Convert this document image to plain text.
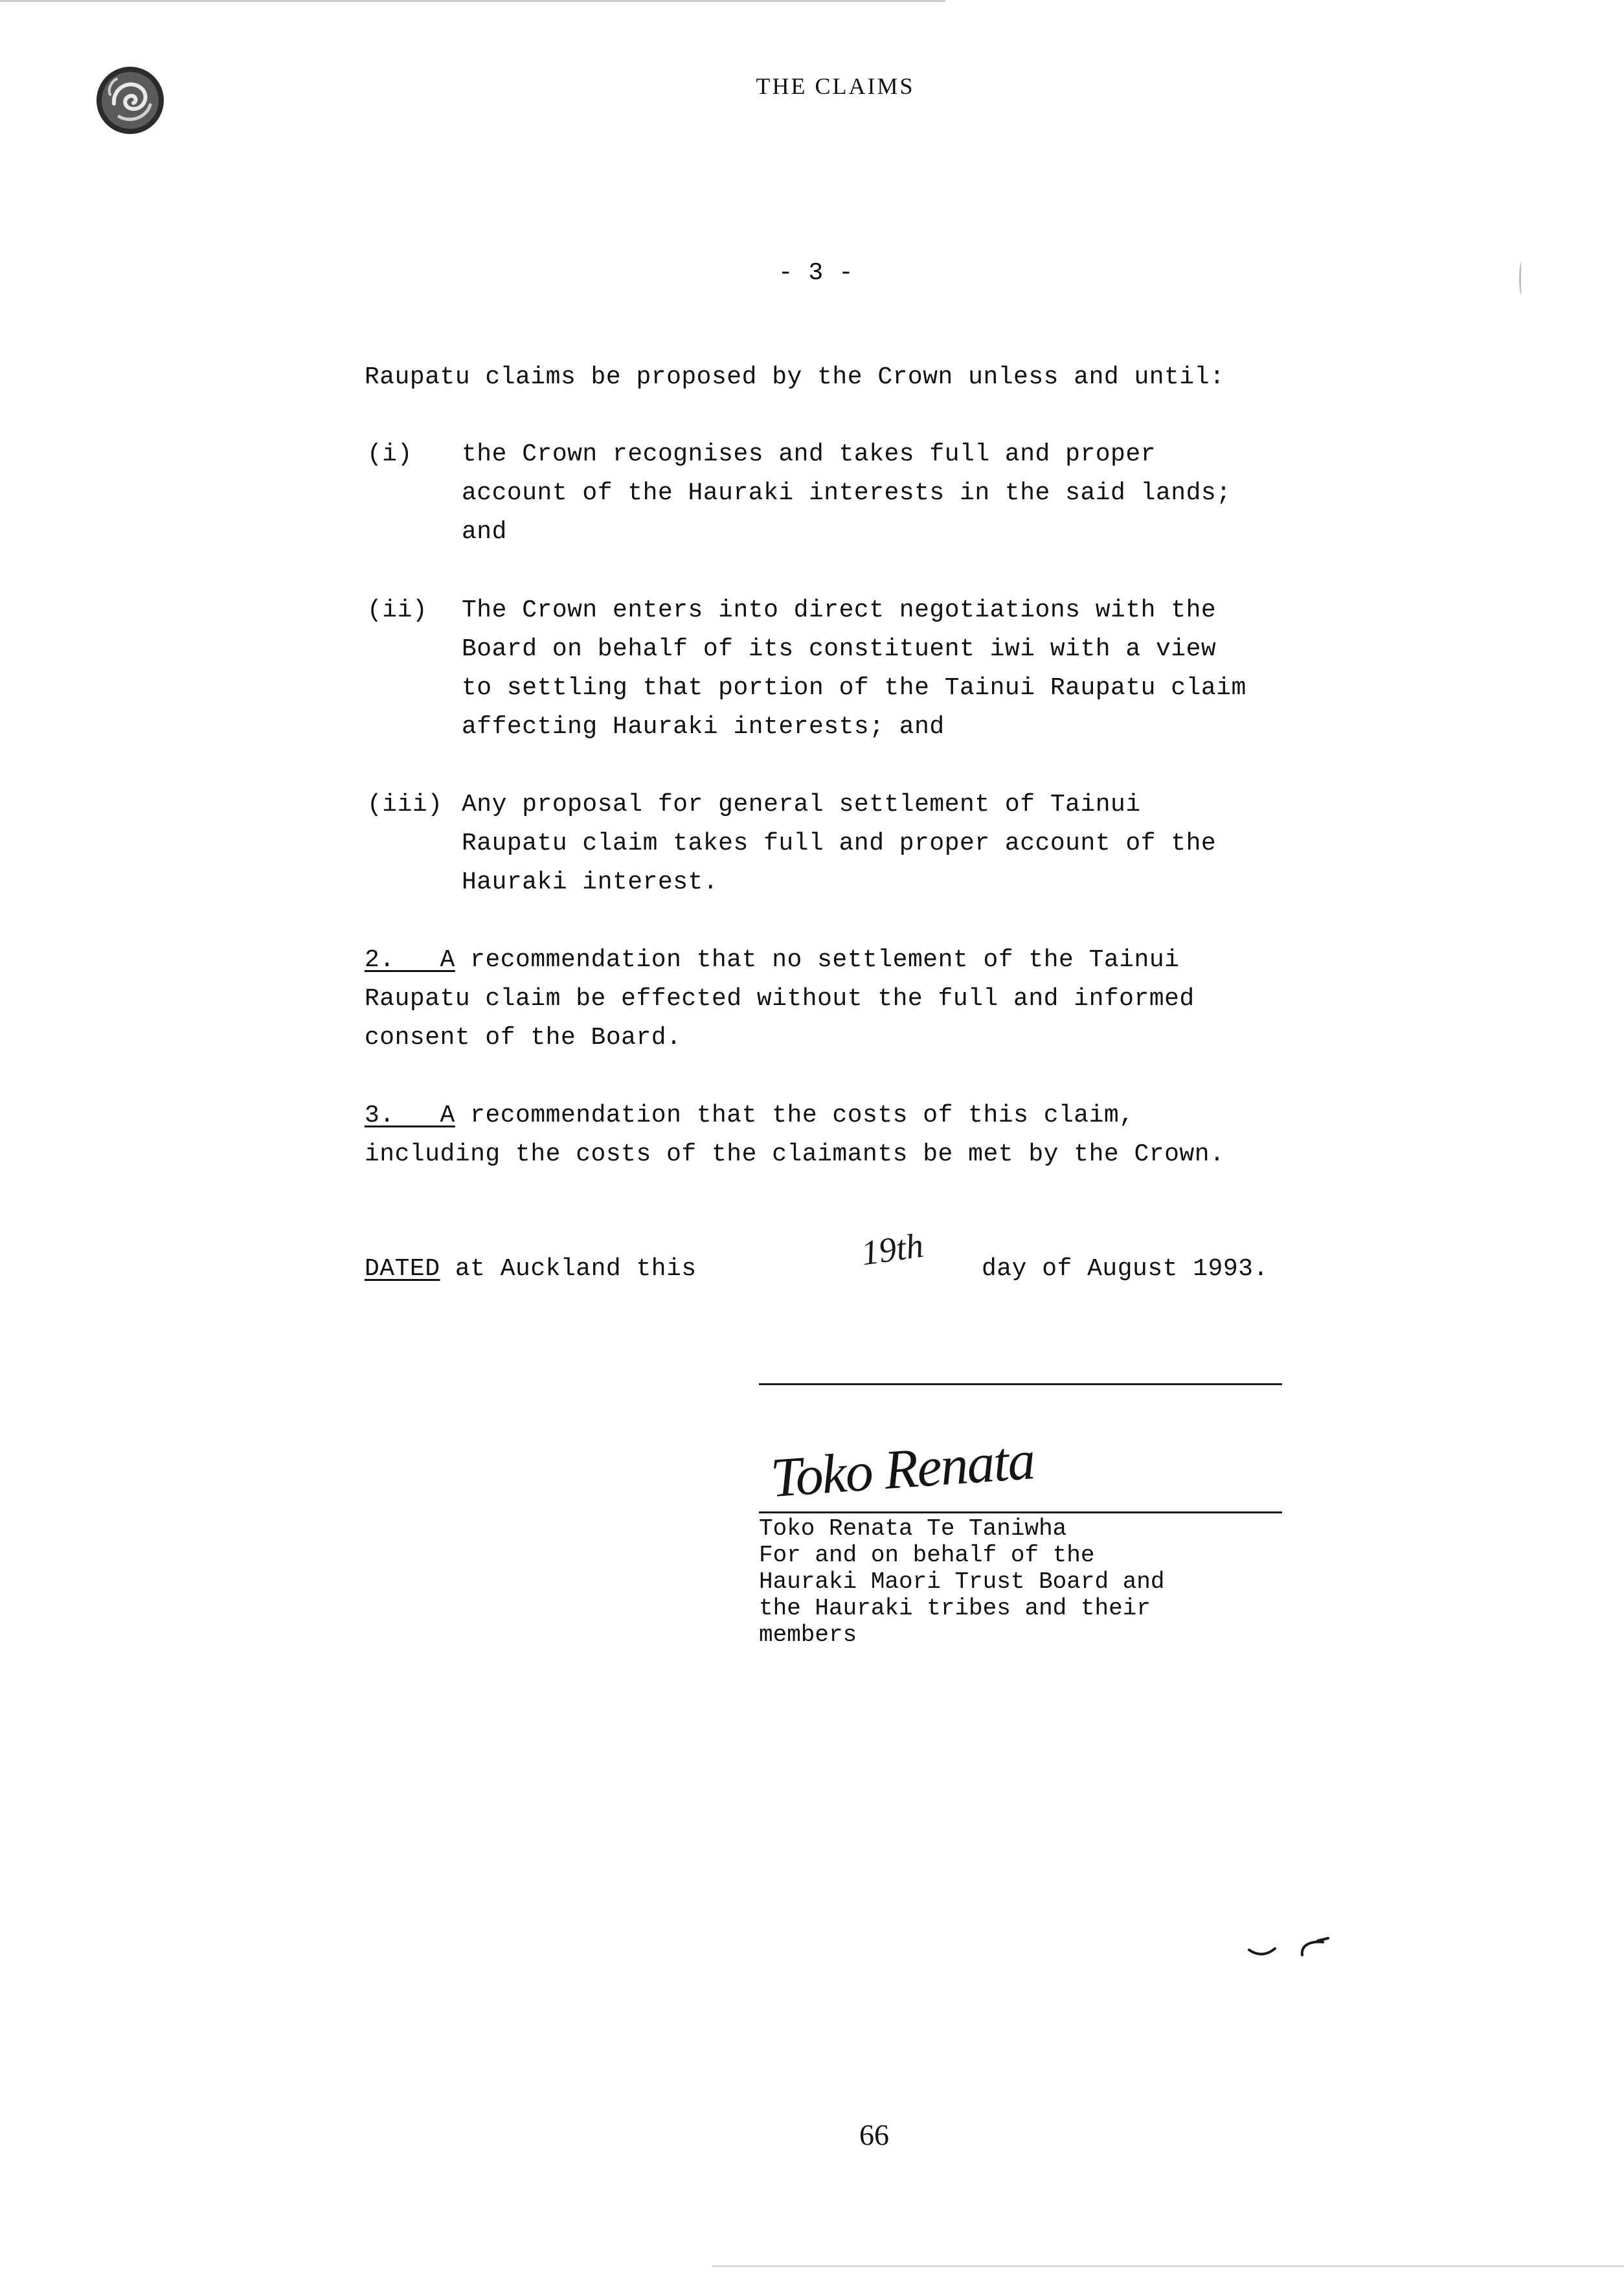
THE CLAIMS
- 3 -
Raupatu claims be proposed by the Crown unless and until:
(i) the Crown recognises and takes full and proper
account of the Hauraki interests in the said lands;
and
(ii) The Crown enters into direct negotiations with the
Board on behalf of its constituent iwi with a view
to settling that portion of the Tainui Raupatu claim
affecting Hauraki interests; and
(iii) Any proposal for general settlement of Tainui
Raupatu claim takes full and proper account of the
Hauraki interest.
2. A recommendation that no settlement of the Tainui
Raupatu claim be effected without the full and informed
consent of the Board.
3. A recommendation that the costs of this claim,
including the costs of the claimants be met by the Crown.
DATED at Auckland this	19th day of August 1993.
Toko Renata
Toko Renata Te Taniwha
For and on behalf of the
Hauraki Maori Trust Board and
the Hauraki tribes and their
members
66
